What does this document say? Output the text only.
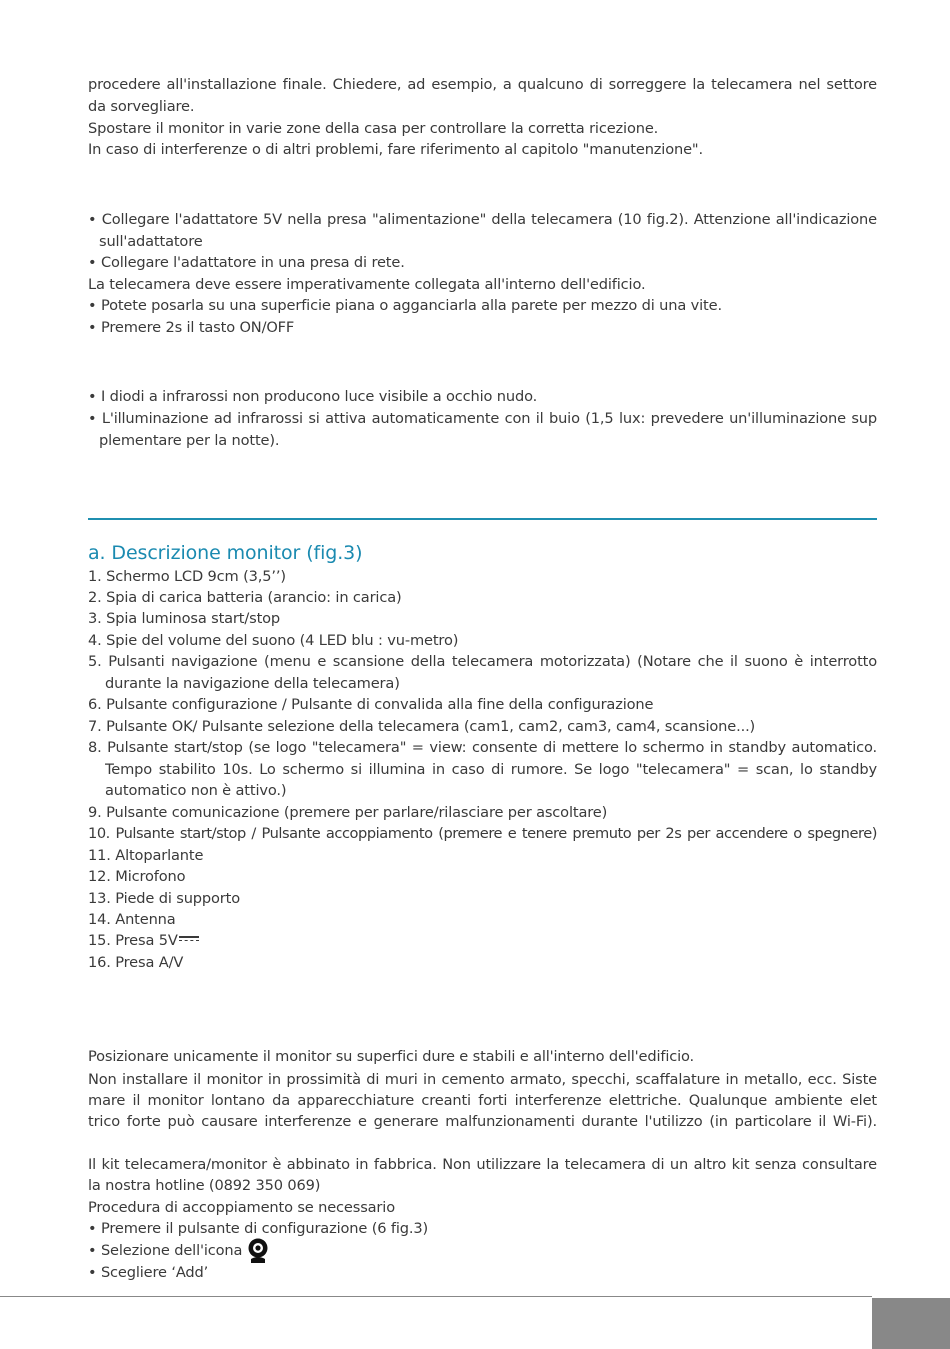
procedere all'installazione finale. Chiedere, ad esempio, a qualcuno di sorreggere la telecamera nel settore
da sorvegliare.
Spostare il monitor in varie zone della casa per controllare la corretta ricezione.
In caso di interferenze o di altri problemi, fare riferimento al capitolo "manutenzione".
• Collegare l'adattatore 5V nella presa "alimentazione" della telecamera (10 fig.2). Attenzione all'indicazione
sull'adattatore
• Collegare l'adattatore in una presa di rete.
La telecamera deve essere imperativamente collegata all'interno dell'edificio.
• Potete posarla su una superficie piana o agganciarla alla parete per mezzo di una vite.
• Premere 2s il tasto ON/OFF
• I diodi a infrarossi non producono luce visibile a occhio nudo.
• L'illuminazione ad infrarossi si attiva automaticamente con il buio (1,5 lux: prevedere un'illuminazione sup
plementare per la notte).
a. Descrizione monitor (fig.3)
1. Schermo LCD 9cm (3,5’’)
2. Spia di carica batteria (arancio: in carica)
3. Spia luminosa start/stop
4. Spie del volume del suono (4 LED blu : vu-metro)
5. Pulsanti navigazione (menu e scansione della telecamera motorizzata) (Notare che il suono è interrotto
durante la navigazione della telecamera)
6. Pulsante configurazione / Pulsante di convalida alla fine della configurazione
7. Pulsante OK/ Pulsante selezione della telecamera (cam1, cam2, cam3, cam4, scansione...)
8. Pulsante start/stop (se logo "telecamera" = view: consente di mettere lo schermo in standby automatico.
Tempo stabilito 10s. Lo schermo si illumina in caso di rumore. Se logo "telecamera" = scan, lo standby
automatico non è attivo.)
9. Pulsante comunicazione (premere per parlare/rilasciare per ascoltare)
10. Pulsante start/stop / Pulsante accoppiamento (premere e tenere premuto per 2s per accendere o spegnere)
11. Altoparlante
12. Microfono
13. Piede di supporto
14. Antenna
15. Presa 5V
16. Presa A/V
Posizionare unicamente il monitor su superfici dure e stabili e all'interno dell'edificio.
Non installare il monitor in prossimità di muri in cemento armato, specchi, scaffalature in metallo, ecc. Siste
mare il monitor lontano da apparecchiature creanti forti interferenze elettriche. Qualunque ambiente elet
trico forte può causare interferenze e generare malfunzionamenti durante l'utilizzo (in particolare il Wi-Fi).
Il kit telecamera/monitor è abbinato in fabbrica. Non utilizzare la telecamera di un altro kit senza consultare
la nostra hotline (0892 350 069)
Procedura di accoppiamento se necessario
• Premere il pulsante di configurazione (6 fig.3)
• Selezione dell'icona
• Scegliere ‘Add’
